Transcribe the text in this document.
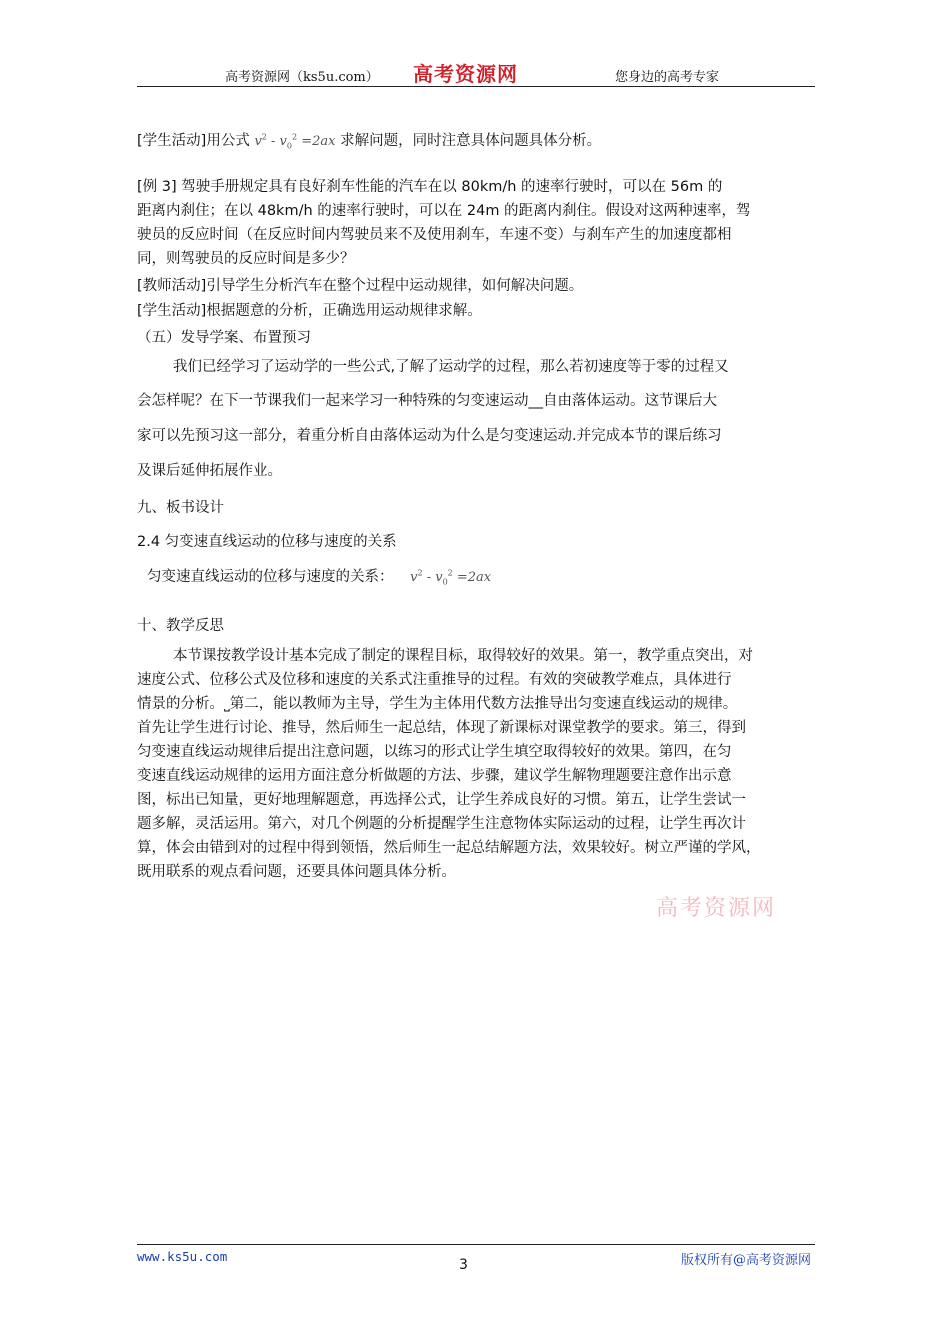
高考资源网（ks5u.com） 高考资源网	您身边的高考专家
[学生活动]用公式 $v^2 - v_0^2 =2ax$ 求解问题，同时注意具体问题具体分析。
[例 3] 驾驶手册规定具有良好刹车性能的汽车在以 80km/h 的速率行驶时，可以在 56m 的
距离内刹住；在以 48km/h 的速率行驶时，可以在 24m 的距离内刹住。假设对这两种速率，驾
驶员的反应时间（在反应时间内驾驶员来不及使用刹车，车速不变）与刹车产生的加速度都相
同，则驾驶员的反应时间是多少？
[教师活动]引导学生分析汽车在整个过程中运动规律，如何解决问题。
[学生活动]根据题意的分析，正确选用运动规律求解。
（五）发导学案、布置预习
我们已经学习了运动学的一些公式,了解了运动学的过程，那么若初速度等于零的过程又
会怎样呢？在下一节课我们一起来学习一种特殊的匀变速运动__自由落体运动。这节课后大
家可以先预习这一部分，着重分析自由落体运动为什么是匀变速运动.并完成本节的课后练习
及课后延伸拓展作业。
九、板书设计
2.4 匀变速直线运动的位移与速度的关系
匀变速直线运动的位移与速度的关系： $v^2 - v_0^2 =2ax$
十、教学反思
本节课按教学设计基本完成了制定的课程目标，取得较好的效果。第一，教学重点突出，对
速度公式、位移公式及位移和速度的关系式注重推导的过程。有效的突破教学难点，具体进行
情景的分析。⎵第二，能以教师为主导，学生为主体用代数方法推导出匀变速直线运动的规律。
首先让学生进行讨论、推导，然后师生一起总结，体现了新课标对课堂教学的要求。第三，得到
匀变速直线运动规律后提出注意问题，以练习的形式让学生填空取得较好的效果。第四，在匀
变速直线运动规律的运用方面注意分析做题的方法、步骤，建议学生解物理题要注意作出示意
图，标出已知量，更好地理解题意，再选择公式，让学生养成良好的习惯。第五，让学生尝试一
题多解，灵活运用。第六，对几个例题的分析提醒学生注意物体实际运动的过程，让学生再次计
算，体会由错到对的过程中得到领悟，然后师生一起总结解题方法，效果较好。树立严谨的学风，
既用联系的观点看问题，还要具体问题具体分析。
高考资源网
www.ks5u.com
3	版权所有@高考资源网
